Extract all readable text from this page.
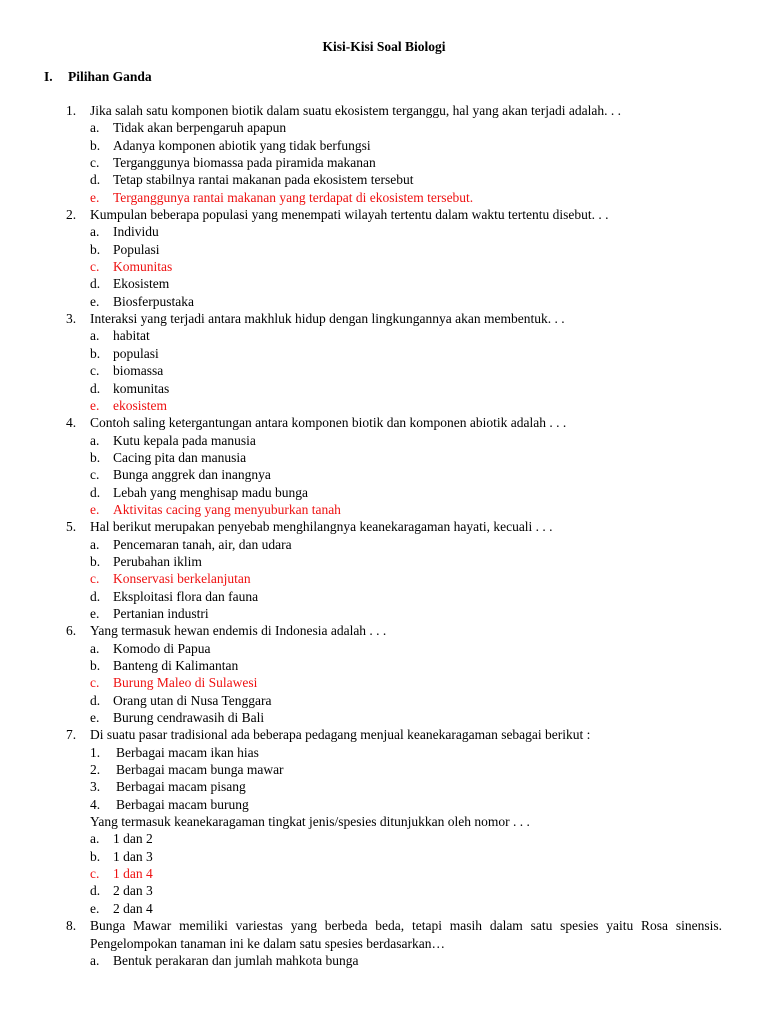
Kisi-Kisi Soal Biologi
I. Pilihan Ganda
1.	Jika salah satu komponen biotik dalam suatu ekosistem terganggu, hal yang akan terjadi adalah. . .
a.	Tidak akan berpengaruh apapun
b. Adanya komponen abiotik yang tidak berfungsi
c.	Terganggunya biomassa pada piramida makanan
d. Tetap stabilnya rantai makanan pada ekosistem tersebut
e.	Terganggunya rantai makanan yang terdapat di ekosistem tersebut.
2.	Kumpulan beberapa populasi yang menempati wilayah tertentu dalam waktu tertentu disebut. . .
a.	Individu
b. Populasi
c.	Komunitas
d. Ekosistem
e.	Biosferpustaka
3.	Interaksi yang terjadi antara makhluk hidup dengan lingkungannya akan membentuk. . .
a.	habitat
b. populasi
c.	biomassa
d. komunitas
e.	ekosistem
4.	Contoh saling ketergantungan antara komponen biotik dan komponen abiotik adalah . . .
a.	Kutu kepala pada manusia
b. Cacing pita dan manusia
c.	Bunga anggrek dan inangnya
d. Lebah yang menghisap madu bunga
e.	Aktivitas cacing yang menyuburkan tanah
5.	Hal berikut merupakan penyebab menghilangnya keanekaragaman hayati, kecuali . . .
a.	Pencemaran tanah, air, dan udara
b. Perubahan iklim
c.	Konservasi berkelanjutan
d. Eksploitasi flora dan fauna
e.	Pertanian industri
6.	Yang termasuk hewan endemis di Indonesia adalah . . .
a.	Komodo di Papua
b. Banteng di Kalimantan
c.	Burung Maleo di Sulawesi
d. Orang utan di Nusa Tenggara
e.	Burung cendrawasih di Bali
7.	Di suatu pasar tradisional ada beberapa pedagang menjual keanekaragaman sebagai berikut :
1.	Berbagai macam ikan hias
2.	Berbagai macam bunga mawar
3.	Berbagai macam pisang
4.	Berbagai macam burung
Yang termasuk keanekaragaman tingkat jenis/spesies ditunjukkan oleh nomor . . .
a.	1 dan 2
b. 1 dan 3
c.	1 dan 4
d. 2 dan 3
e.	2 dan 4
8.	Bunga Mawar memiliki variestas yang berbeda beda, tetapi masih dalam satu spesies yaitu Rosa sinensis. Pengelompokan tanaman ini ke dalam satu spesies berdasarkan…
a.	Bentuk perakaran dan jumlah mahkota bunga
